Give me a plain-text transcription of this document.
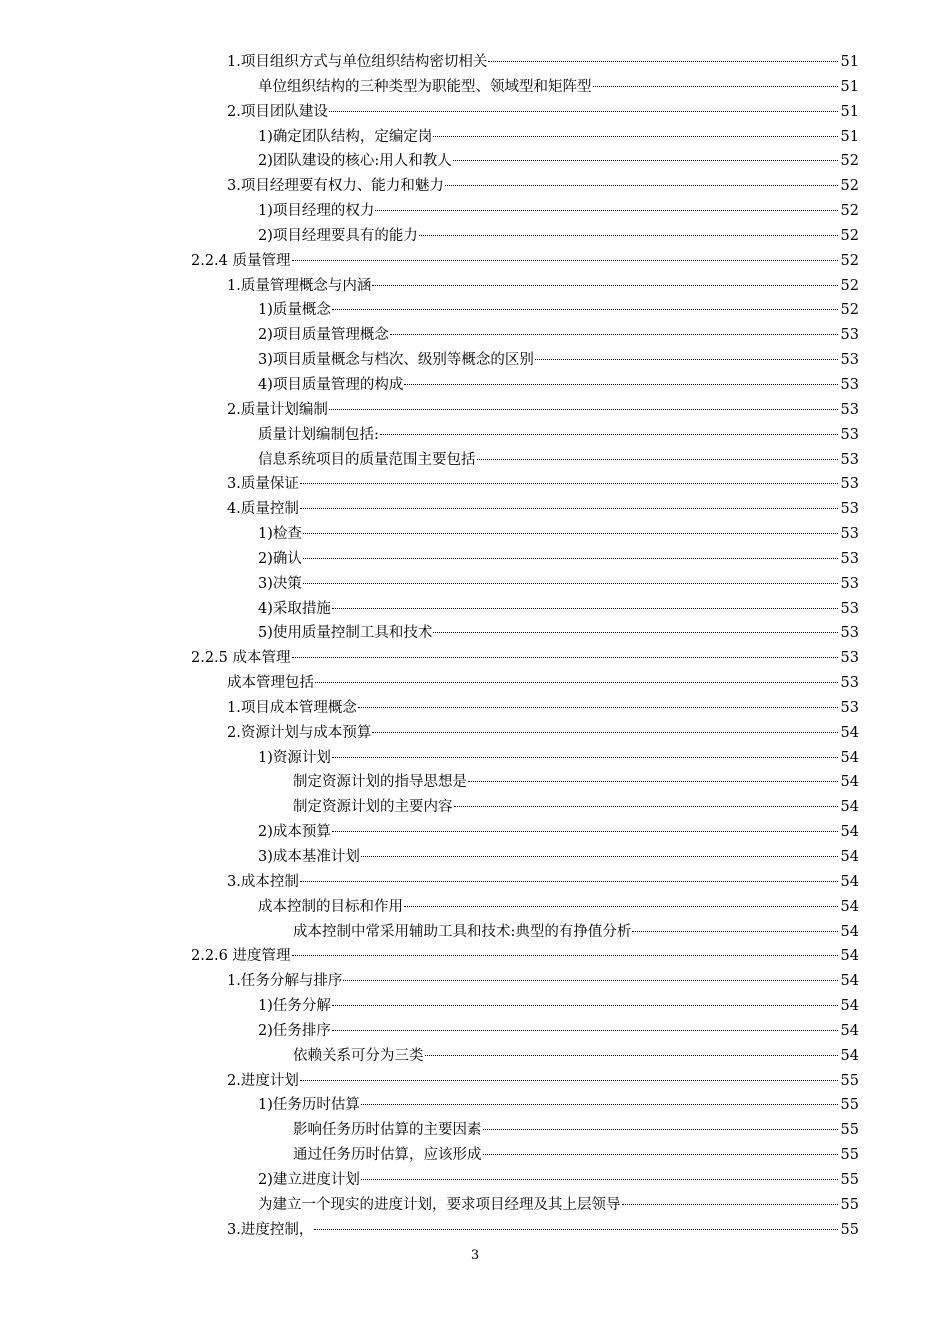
1.项目组织方式与单位组织结构密切相关	51
单位组织结构的三种类型为职能型、领域型和矩阵型	51
2.项目团队建设	51
1)确定团队结构，定编定岗	51
2)团队建设的核心:用人和教人	52
3.项目经理要有权力、能力和魅力	52
1)项目经理的权力	52
2)项目经理要具有的能力	52
2.2.4 质量管理	52
1.质量管理概念与内涵	52
1)质量概念	52
2)项目质量管理概念	53
3)项目质量概念与档次、级别等概念的区别	53
4)项目质量管理的构成	53
2.质量计划编制	53
质量计划编制包括:	53
信息系统项目的质量范围主要包括	53
3.质量保证	53
4.质量控制	53
1)检查	53
2)确认	53
3)决策	53
4)采取措施	53
5)使用质量控制工具和技术	53
2.2.5 成本管理	53
成本管理包括	53
1.项目成本管理概念	53
2.资源计划与成本预算	54
1)资源计划	54
制定资源计划的指导思想是	54
制定资源计划的主要内容	54
2)成本预算	54
3)成本基准计划	54
3.成本控制	54
成本控制的目标和作用	54
成本控制中常采用辅助工具和技术:典型的有挣值分析	54
2.2.6 进度管理	54
1.任务分解与排序	54
1)任务分解	54
2)任务排序	54
依赖关系可分为三类	54
2.进度计划	55
1)任务历时估算	55
影响任务历时估算的主要因素	55
通过任务历时估算，应该形成	55
2)建立进度计划	55
为建立一个现实的进度计划，要求项目经理及其上层领导	55
3.进度控制，	55
3
